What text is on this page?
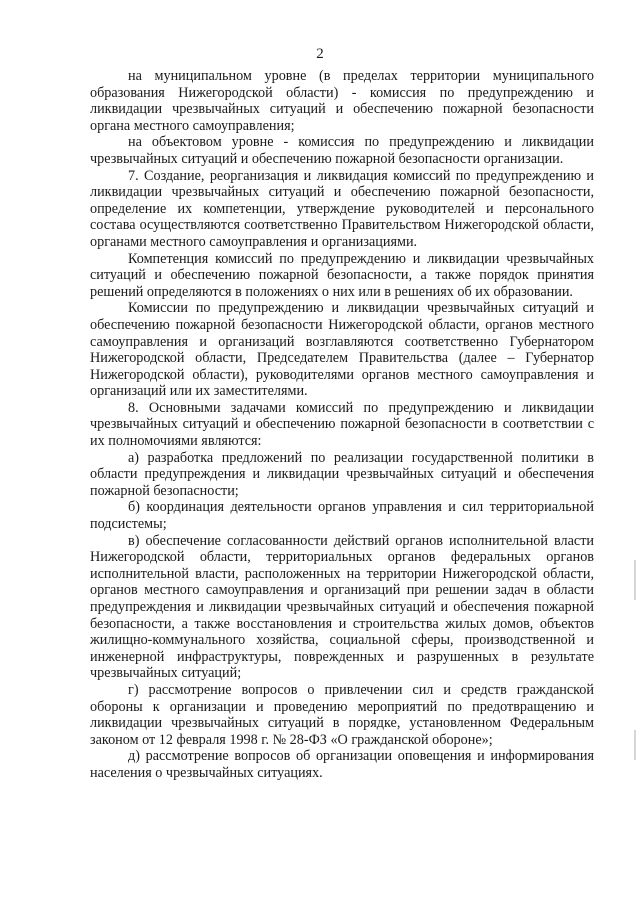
2

на муниципальном уровне (в пределах территории муниципального образования Нижегородской области) - комиссия по предупреждению и ликвидации чрезвычайных ситуаций и обеспечению пожарной безопасности органа местного самоуправления;

на объектовом уровне - комиссия по предупреждению и ликвидации чрезвычайных ситуаций и обеспечению пожарной безопасности организации.

7. Создание, реорганизация и ликвидация комиссий по предупреждению и ликвидации чрезвычайных ситуаций и обеспечению пожарной безопасности, определение их компетенции, утверждение руководителей и персонального состава осуществляются соответственно Правительством Нижегородской области, органами местного самоуправления и организациями.

Компетенция комиссий по предупреждению и ликвидации чрезвычайных ситуаций и обеспечению пожарной безопасности, а также порядок принятия решений определяются в положениях о них или в решениях об их образовании.

Комиссии по предупреждению и ликвидации чрезвычайных ситуаций и обеспечению пожарной безопасности Нижегородской области, органов местного самоуправления и организаций возглавляются соответственно Губернатором Нижегородской области, Председателем Правительства (далее – Губернатор Нижегородской области), руководителями органов местного самоуправления и организаций или их заместителями.

8. Основными задачами комиссий по предупреждению и ликвидации чрезвычайных ситуаций и обеспечению пожарной безопасности в соответствии с их полномочиями являются:

а) разработка предложений по реализации государственной политики в области предупреждения и ликвидации чрезвычайных ситуаций и обеспечения пожарной безопасности;

б) координация деятельности органов управления и сил территориальной подсистемы;

в) обеспечение согласованности действий органов исполнительной власти Нижегородской области, территориальных органов федеральных органов исполнительной власти, расположенных на территории Нижегородской области, органов местного самоуправления и организаций при решении задач в области предупреждения и ликвидации чрезвычайных ситуаций и обеспечения пожарной безопасности, а также восстановления и строительства жилых домов, объектов жилищно-коммунального хозяйства, социальной сферы, производственной и инженерной инфраструктуры, поврежденных и разрушенных в результате чрезвычайных ситуаций;

г) рассмотрение вопросов о привлечении сил и средств гражданской обороны к организации и проведению мероприятий по предотвращению и ликвидации чрезвычайных ситуаций в порядке, установленном Федеральным законом от 12 февраля 1998 г. № 28-ФЗ «О гражданской обороне»;

д) рассмотрение вопросов об организации оповещения и информирования населения о чрезвычайных ситуациях.
